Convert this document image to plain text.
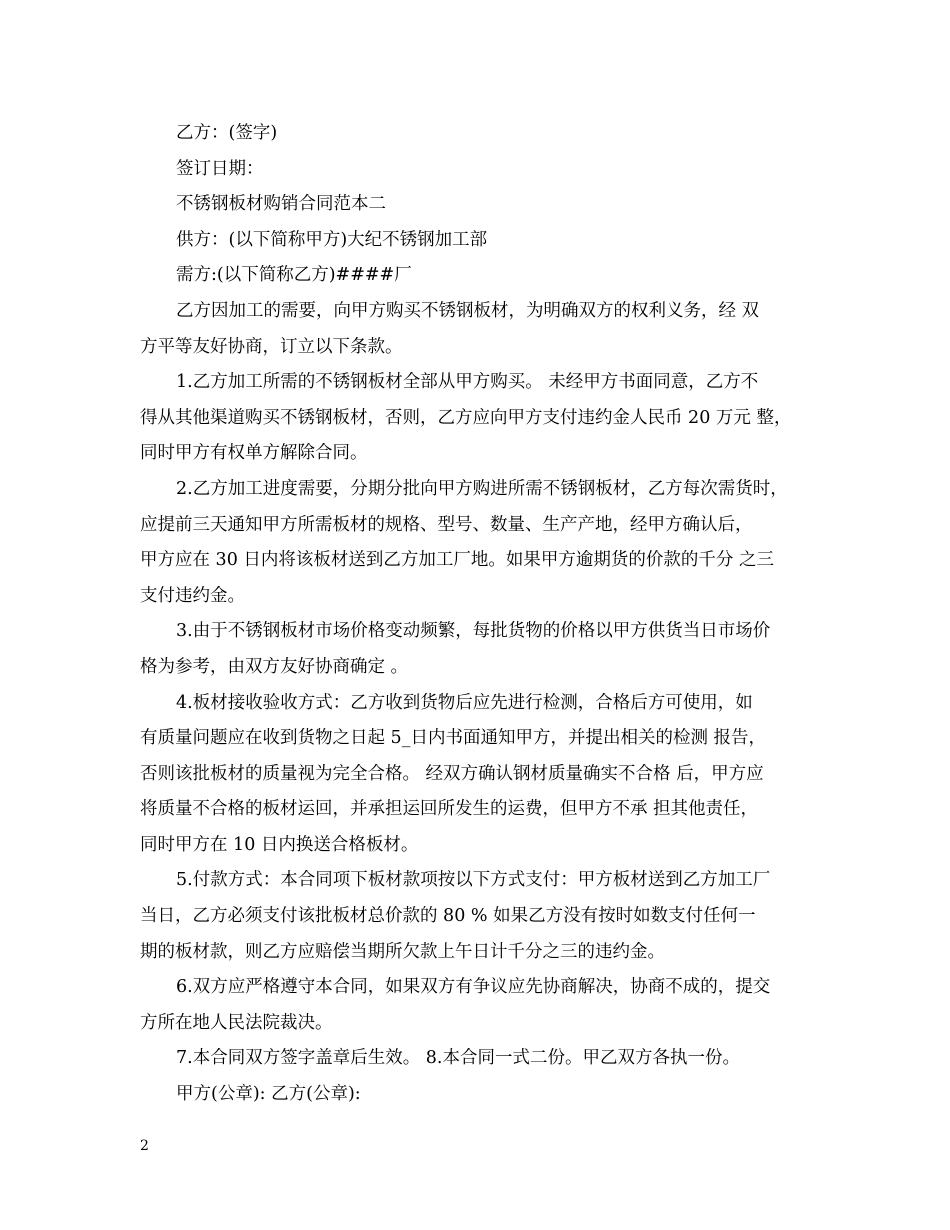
乙方：(签字)
签订日期：
不锈钢板材购销合同范本二
供方：(以下简称甲方)大纪不锈钢加工部
需方:(以下简称乙方)####厂
乙方因加工的需要，向甲方购买不锈钢板材，为明确双方的权利义务，经 双
方平等友好协商，订立以下条款。
1.乙方加工所需的不锈钢板材全部从甲方购买。 未经甲方书面同意，乙方不
得从其他渠道购买不锈钢板材，否则，乙方应向甲方支付违约金人民币 20 万元 整，
同时甲方有权单方解除合同。
2.乙方加工进度需要，分期分批向甲方购进所需不锈钢板材，乙方每次需货时，
应提前三天通知甲方所需板材的规格、型号、数量、生产产地，经甲方确认后，
甲方应在 30 日内将该板材送到乙方加工厂地。如果甲方逾期货的价款的千分 之三
支付违约金。
3.由于不锈钢板材市场价格变动频繁，每批货物的价格以甲方供货当日市场价
格为参考，由双方友好协商确定 。
4.板材接收验收方式：乙方收到货物后应先进行检测，合格后方可使用，如
有质量问题应在收到货物之日起 5_日内书面通知甲方，并提出相关的检测 报告，
否则该批板材的质量视为完全合格。 经双方确认钢材质量确实不合格 后，甲方应
将质量不合格的板材运回，并承担运回所发生的运费，但甲方不承 担其他责任，
同时甲方在 10 日内换送合格板材。
5.付款方式：本合同项下板材款项按以下方式支付：甲方板材送到乙方加工厂
当日，乙方必须支付该批板材总价款的 80 % 如果乙方没有按时如数支付任何一
期的板材款，则乙方应赔偿当期所欠款上午日计千分之三的违约金。
6.双方应严格遵守本合同，如果双方有争议应先协商解决，协商不成的，提交
方所在地人民法院裁决。
7.本合同双方签字盖章后生效。 8.本合同一式二份。甲乙双方各执一份。
甲方(公章): 乙方(公章):
2
